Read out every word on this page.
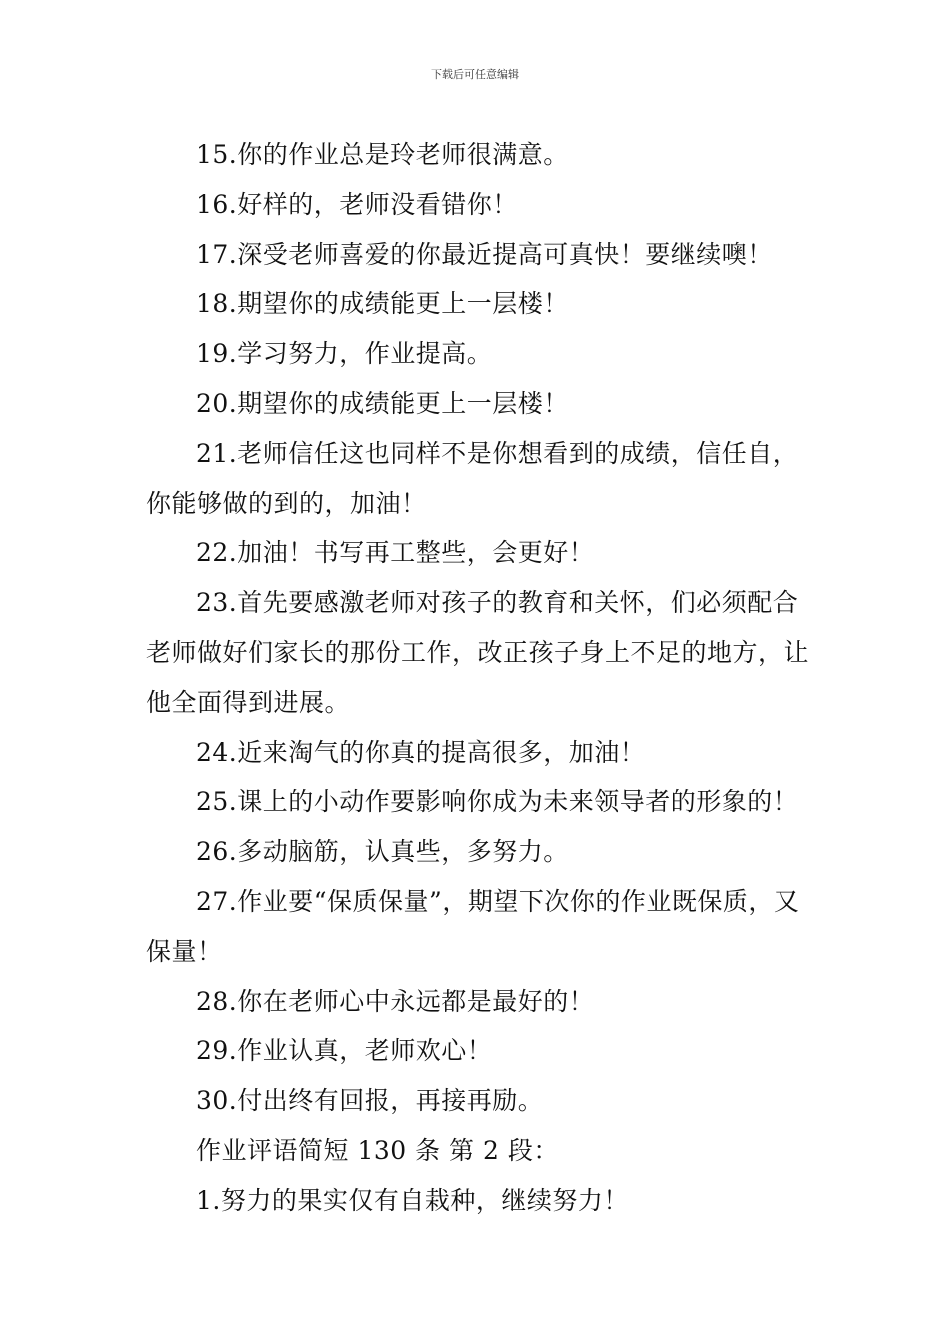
下载后可任意编辑

15.你的作业总是玲老师很满意。

16.好样的，老师没看错你！

17.深受老师喜爱的你最近提高可真快！要继续噢！

18.期望你的成绩能更上一层楼！

19.学习努力，作业提高。

20.期望你的成绩能更上一层楼！

21.老师信任这也同样不是你想看到的成绩，信任自，你能够做的到的，加油！

22.加油！书写再工整些，会更好！

23.首先要感激老师对孩子的教育和关怀，们必须配合老师做好们家长的那份工作，改正孩子身上不足的地方，让他全面得到进展。

24.近来淘气的你真的提高很多，加油！

25.课上的小动作要影响你成为未来领导者的形象的！

26.多动脑筋，认真些，多努力。

27.作业要“保质保量”，期望下次你的作业既保质，又保量！

28.你在老师心中永远都是最好的！

29.作业认真，老师欢心！

30.付出终有回报，再接再励。

作业评语简短 130 条 第 2 段：

1.努力的果实仅有自栽种，继续努力！
